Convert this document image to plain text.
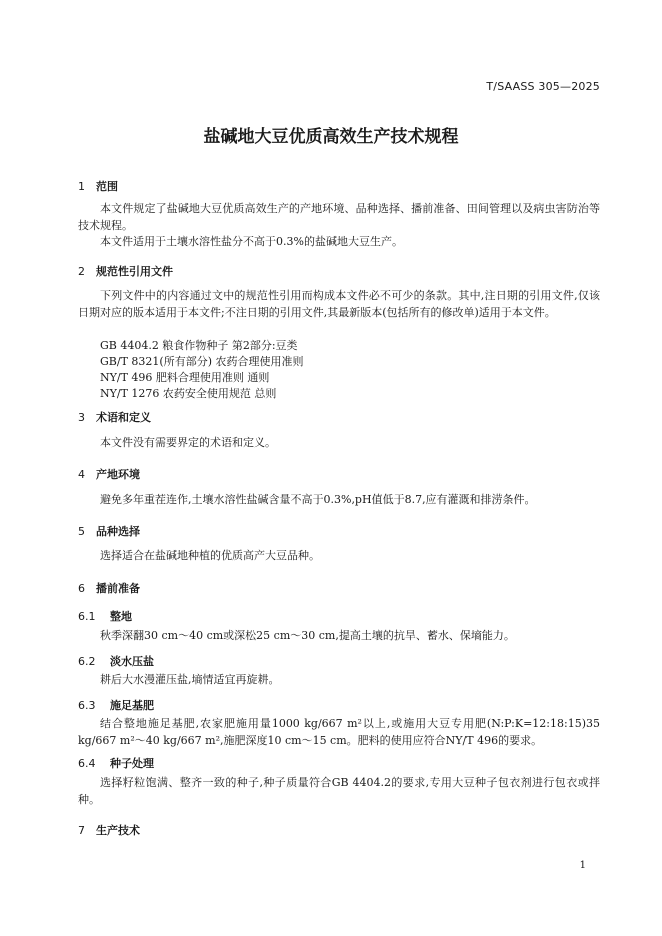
T/SAASS 305—2025
盐碱地大豆优质高效生产技术规程
1 范围
本文件规定了盐碱地大豆优质高效生产的产地环境、品种选择、播前准备、田间管理以及病虫害防治等技术规程。
本文件适用于土壤水溶性盐分不高于0.3%的盐碱地大豆生产。
2 规范性引用文件
下列文件中的内容通过文中的规范性引用而构成本文件必不可少的条款。其中,注日期的引用文件,仅该日期对应的版本适用于本文件;不注日期的引用文件,其最新版本(包括所有的修改单)适用于本文件。
GB 4404.2 粮食作物种子 第2部分:豆类
GB/T 8321(所有部分) 农药合理使用准则
NY/T 496 肥料合理使用准则 通则
NY/T 1276 农药安全使用规范 总则
3 术语和定义
本文件没有需要界定的术语和定义。
4 产地环境
避免多年重茬连作,土壤水溶性盐碱含量不高于0.3%,pH值低于8.7,应有灌溉和排涝条件。
5 品种选择
选择适合在盐碱地种植的优质高产大豆品种。
6 播前准备
6.1 整地
秋季深翻30 cm～40 cm或深松25 cm～30 cm,提高土壤的抗旱、蓄水、保墒能力。
6.2 淡水压盐
耕后大水漫灌压盐,墒情适宜再旋耕。
6.3 施足基肥
结合整地施足基肥,农家肥施用量1000 kg/667 m²以上,或施用大豆专用肥(N:P:K=12:18:15)35 kg/667 m²～40 kg/667 m²,施肥深度10 cm～15 cm。肥料的使用应符合NY/T 496的要求。
6.4 种子处理
选择籽粒饱满、整齐一致的种子,种子质量符合GB 4404.2的要求,专用大豆种子包衣剂进行包衣或拌种。
7 生产技术
1
